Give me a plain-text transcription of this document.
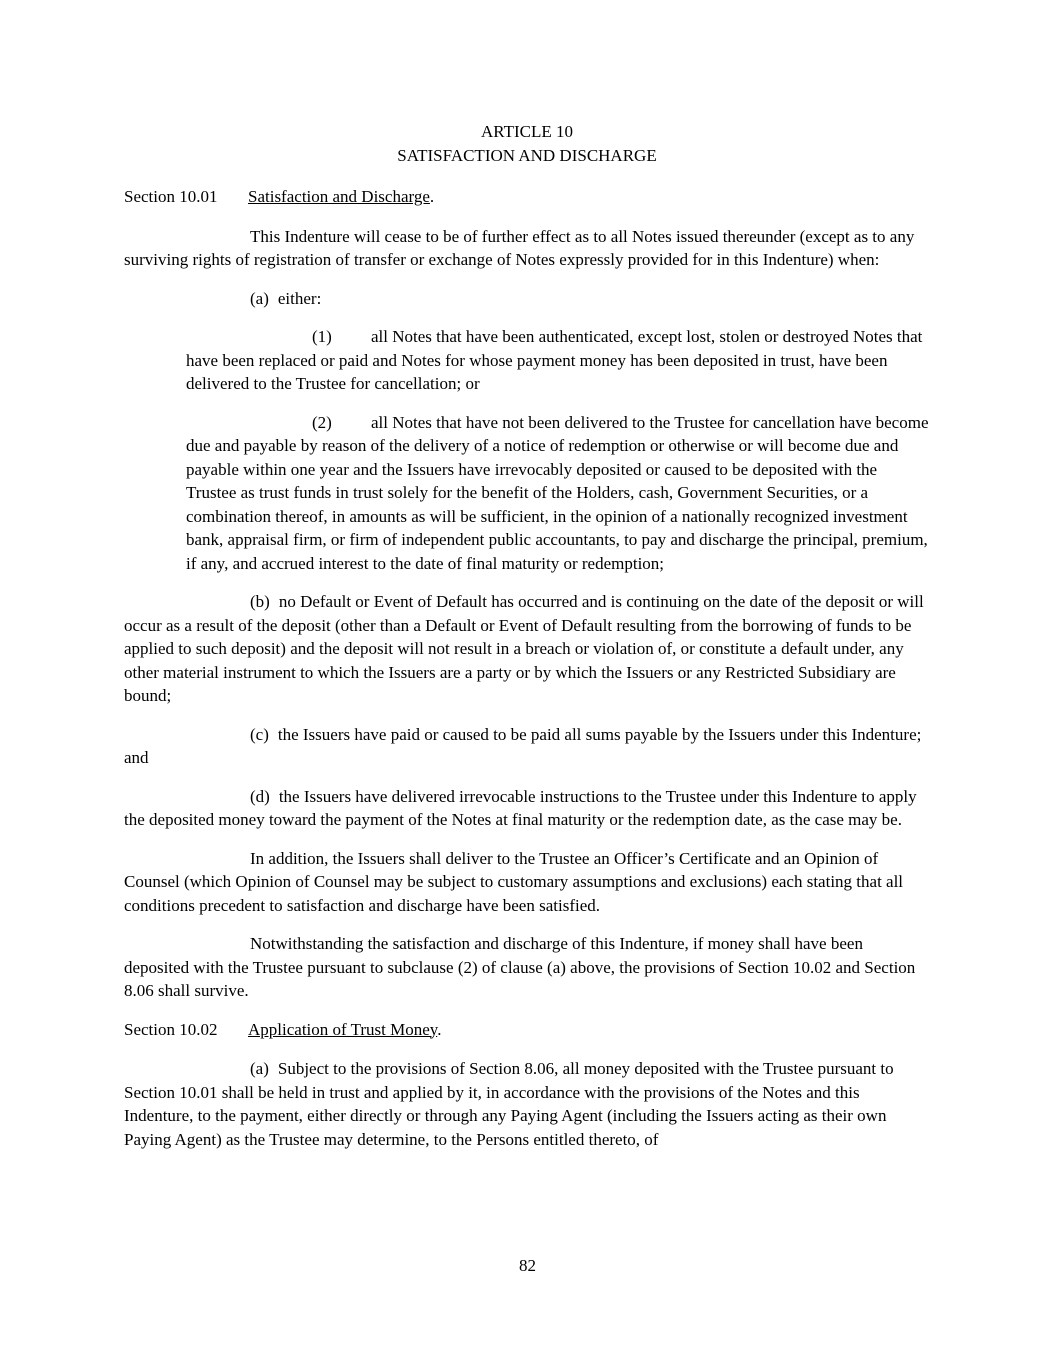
ARTICLE 10
SATISFACTION AND DISCHARGE

Section 10.01 Satisfaction and Discharge.

This Indenture will cease to be of further effect as to all Notes issued thereunder (except as to any surviving rights of registration of transfer or exchange of Notes expressly provided for in this Indenture) when:

(a) either:

(1) all Notes that have been authenticated, except lost, stolen or destroyed Notes that have been replaced or paid and Notes for whose payment money has been deposited in trust, have been delivered to the Trustee for cancellation; or

(2) all Notes that have not been delivered to the Trustee for cancellation have become due and payable by reason of the delivery of a notice of redemption or otherwise or will become due and payable within one year and the Issuers have irrevocably deposited or caused to be deposited with the Trustee as trust funds in trust solely for the benefit of the Holders, cash, Government Securities, or a combination thereof, in amounts as will be sufficient, in the opinion of a nationally recognized investment bank, appraisal firm, or firm of independent public accountants, to pay and discharge the principal, premium, if any, and accrued interest to the date of final maturity or redemption;

(b) no Default or Event of Default has occurred and is continuing on the date of the deposit or will occur as a result of the deposit (other than a Default or Event of Default resulting from the borrowing of funds to be applied to such deposit) and the deposit will not result in a breach or violation of, or constitute a default under, any other material instrument to which the Issuers are a party or by which the Issuers or any Restricted Subsidiary are bound;

(c) the Issuers have paid or caused to be paid all sums payable by the Issuers under this Indenture; and

(d) the Issuers have delivered irrevocable instructions to the Trustee under this Indenture to apply the deposited money toward the payment of the Notes at final maturity or the redemption date, as the case may be.

In addition, the Issuers shall deliver to the Trustee an Officer’s Certificate and an Opinion of Counsel (which Opinion of Counsel may be subject to customary assumptions and exclusions) each stating that all conditions precedent to satisfaction and discharge have been satisfied.

Notwithstanding the satisfaction and discharge of this Indenture, if money shall have been deposited with the Trustee pursuant to subclause (2) of clause (a) above, the provisions of Section 10.02 and Section 8.06 shall survive.

Section 10.02 Application of Trust Money.

(a) Subject to the provisions of Section 8.06, all money deposited with the Trustee pursuant to Section 10.01 shall be held in trust and applied by it, in accordance with the provisions of the Notes and this Indenture, to the payment, either directly or through any Paying Agent (including the Issuers acting as their own Paying Agent) as the Trustee may determine, to the Persons entitled thereto, of

82
